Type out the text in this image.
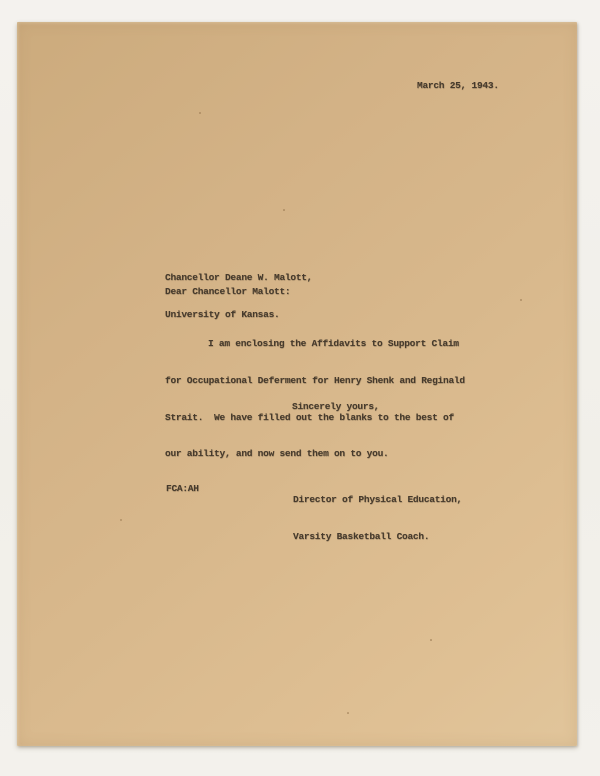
March 25, 1943.

Chancellor Deane W. Malott,

University of Kansas.

Dear Chancellor Malott:

I am enclosing the Affidavits to Support Claim

for Occupational Deferment for Henry Shenk and Reginald

Strait.  We have filled out the blanks to the best of

our ability, and now send them on to you.

Sincerely yours,

Director of Physical Education,

Varsity Basketball Coach.

FCA:AH
